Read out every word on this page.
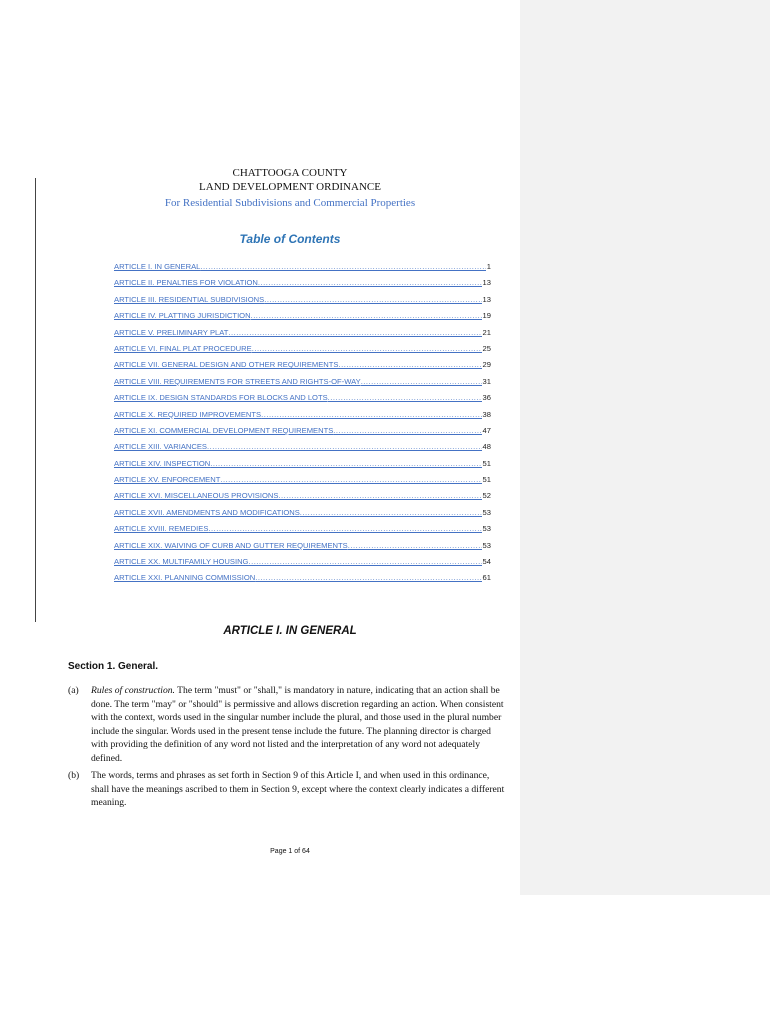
CHATTOOGA COUNTY
LAND DEVELOPMENT ORDINANCE
For Residential Subdivisions and Commercial Properties
Table of Contents
ARTICLE I. IN GENERAL .....	1
ARTICLE II. PENALTIES FOR VIOLATION .....	13
ARTICLE III. RESIDENTIAL SUBDIVISIONS .....	13
ARTICLE IV. PLATTING JURISDICTION .....	19
ARTICLE V. PRELIMINARY PLAT .....	21
ARTICLE VI. FINAL PLAT PROCEDURE .....	25
ARTICLE VII. GENERAL DESIGN AND OTHER REQUIREMENTS .....	29
ARTICLE VIII. REQUIREMENTS FOR STREETS AND RIGHTS-OF-WAY .....	31
ARTICLE IX. DESIGN STANDARDS FOR BLOCKS AND LOTS .....	36
ARTICLE X. REQUIRED IMPROVEMENTS .....	38
ARTICLE XI. COMMERCIAL DEVELOPMENT REQUIREMENTS .....	47
ARTICLE XIII. VARIANCES .....	48
ARTICLE XIV. INSPECTION .....	51
ARTICLE XV. ENFORCEMENT .....	51
ARTICLE XVI. MISCELLANEOUS PROVISIONS .....	52
ARTICLE XVII. AMENDMENTS AND MODIFICATIONS .....	53
ARTICLE XVIII. REMEDIES .....	53
ARTICLE XIX. WAIVING OF CURB AND GUTTER REQUIREMENTS .....	53
ARTICLE XX. MULTIFAMILY HOUSING .....	54
ARTICLE XXI. PLANNING COMMISSION .....	61
ARTICLE I. IN GENERAL
Section 1. General.
(a) Rules of construction. The term "must" or "shall," is mandatory in nature, indicating that an action shall be done. The term "may" or "should" is permissive and allows discretion regarding an action. When consistent with the context, words used in the singular number include the plural, and those used in the plural number include the singular. Words used in the present tense include the future. The planning director is charged with providing the definition of any word not listed and the interpretation of any word not adequately defined.
(b) The words, terms and phrases as set forth in Section 9 of this Article I, and when used in this ordinance, shall have the meanings ascribed to them in Section 9, except where the context clearly indicates a different meaning.
Page 1 of 64
